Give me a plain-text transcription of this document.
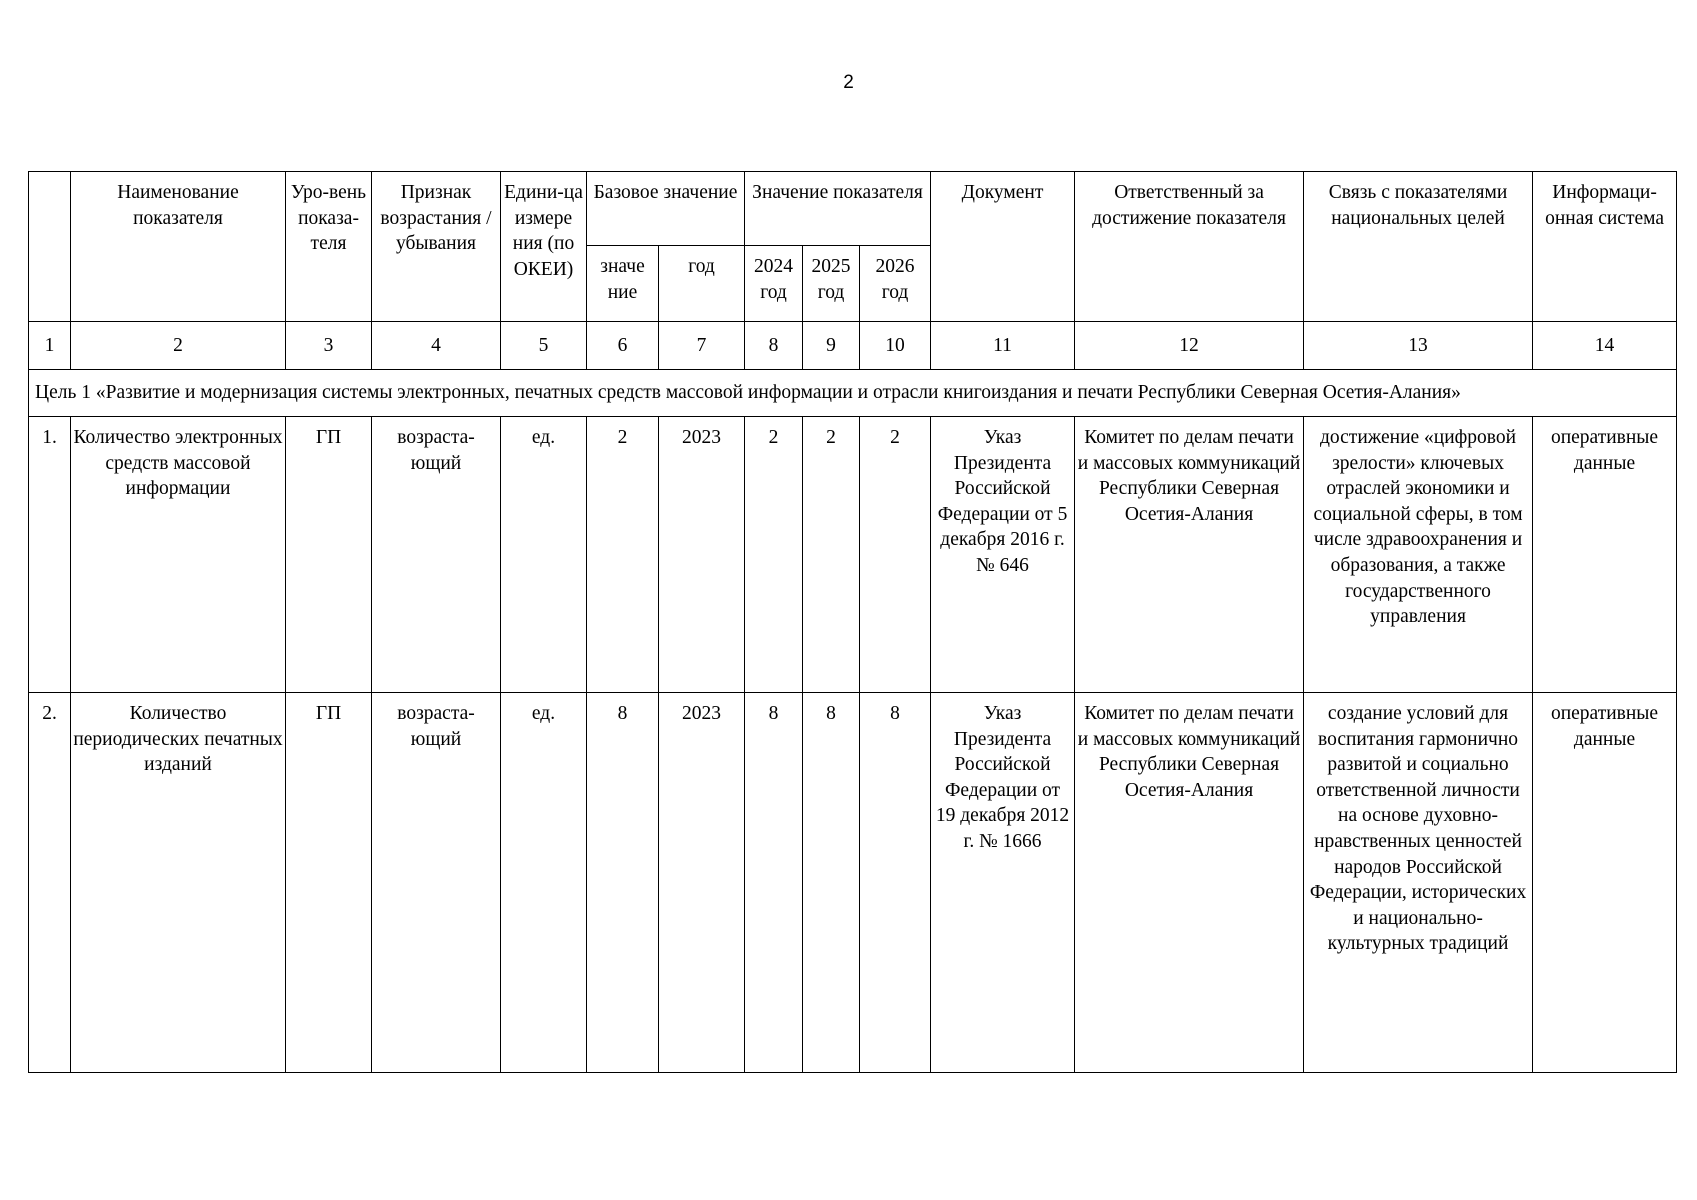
2
	Наименование показателя	Уро-вень показа-теля	Признак возрастания / убывания	Едини-ца измере ния (по ОКЕИ)	Базовое значение		Значение показателя			Документ	Ответственный за достижение показателя	Связь с показателями национальных целей	Информаци-онная система
					значе ние	год	2024 год	2025 год	2026 год				
1	2	3	4	5	6	7	8	9	10	11	12	13	14
Цель 1 «Развитие и модернизация системы электронных, печатных средств массовой информации и отрасли книгоиздания и печати Республики Северная Осетия-Алания»													
1.	Количество электронных средств массовой информации	ГП	возраста-ющий	ед.	2	2023	2	2	2	Указ Президента Российской Федерации от 5 декабря 2016 г. № 646	Комитет по делам печати и массовых коммуникаций Республики Северная Осетия-Алания	достижение «цифровой зрелости» ключевых отраслей экономики и социальной сферы, в том числе здравоохранения и образования, а также государственного управления	оперативные данные
2.	Количество периодических печатных изданий	ГП	возраста-ющий	ед.	8	2023	8	8	8	Указ Президента Российской Федерации от 19 декабря 2012 г. № 1666	Комитет по делам печати и массовых коммуникаций Республики Северная Осетия-Алания	создание условий для воспитания гармонично развитой и социально ответственной личности на основе духовно-нравственных ценностей народов Российской Федерации, исторических и национально-культурных традиций	оперативные данные
